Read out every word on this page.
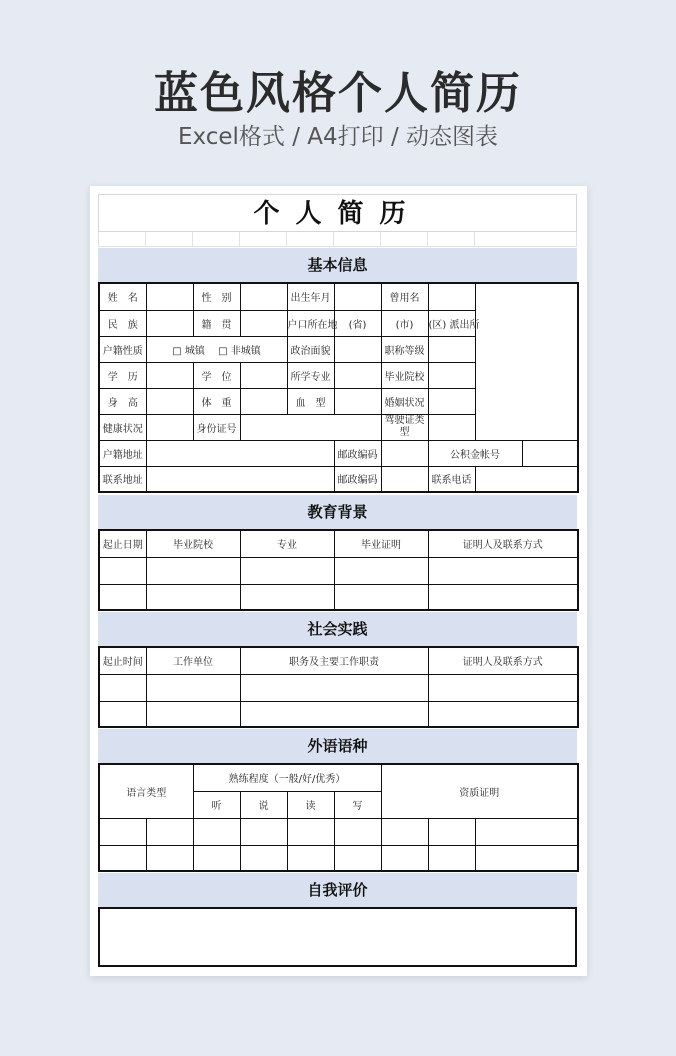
蓝色风格个人简历
Excel格式 / A4打印 / 动态图表
个人简历
基本信息
姓　名		性　别		出生年月		曾用名			
民　族		籍　贯		户口所在地	(省)	(市)	(区) 派出所		
户籍性质	□ 城镇　 □ 非城镇			政治面貌		职称等级			
学　历		学　位		所学专业		毕业院校			
身　高		体　重		血　型		婚姻状况			
健康状况		身份证号				驾驶证类型			
户籍地址					邮政编码		公积金帐号		
联系地址					邮政编码		联系电话		
教育背景
起止日期	毕业院校	专业	毕业证明	证明人及联系方式

社会实践
起止时间	工作单位	职务及主要工作职责	证明人及联系方式

外语语种
语言类型		熟练程度（一般/好/优秀）				资质证明		
		听	说	读	写			

自我评价
